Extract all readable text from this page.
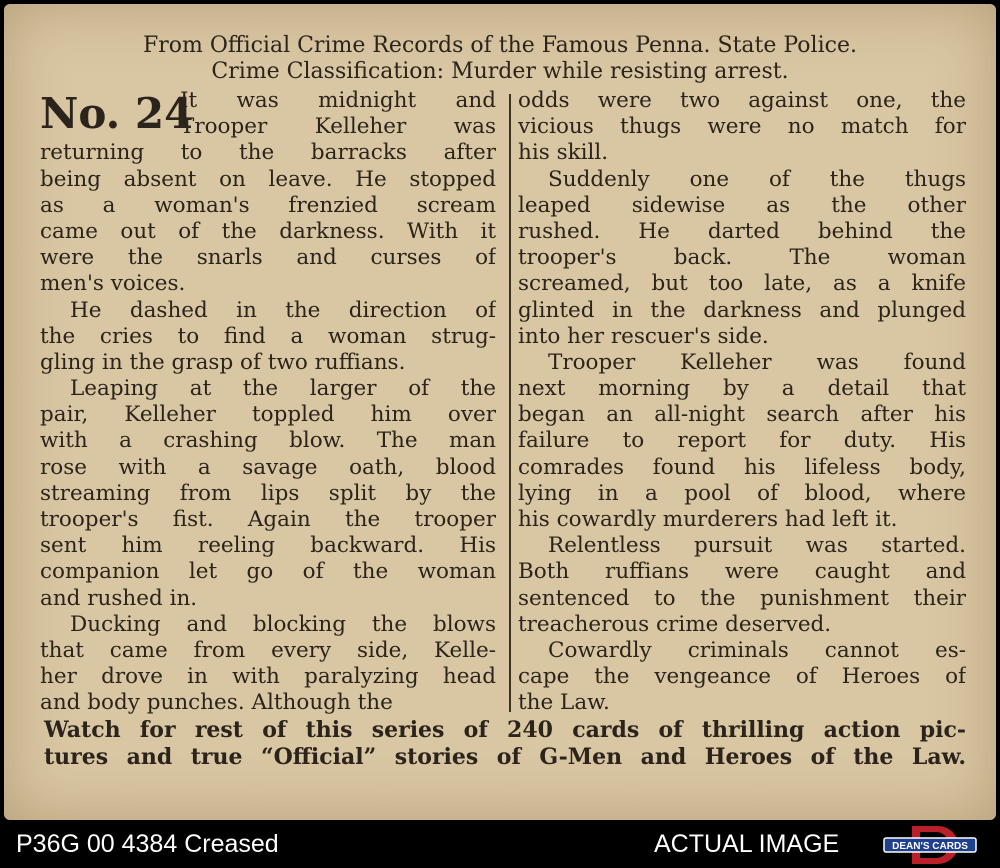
From Official Crime Records of the Famous Penna. State Police.
Crime Classification: Murder while resisting arrest.
It was midnight and
Trooper Kelleher was
returning to the barracks after
being absent on leave. He stopped
as a woman's frenzied scream
came out of the darkness. With it
were the snarls and curses of
men's voices.
He dashed in the direction of
the cries to find a woman strug-
gling in the grasp of two ruffians.
Leaping at the larger of the
pair, Kelleher toppled him over
with a crashing blow. The man
rose with a savage oath, blood
streaming from lips split by the
trooper's fist. Again the trooper
sent him reeling backward. His
companion let go of the woman
and rushed in.
Ducking and blocking the blows
that came from every side, Kelle-
her drove in with paralyzing head
and body punches. Although the
odds were two against one, the
vicious thugs were no match for
his skill.
Suddenly one of the thugs
leaped sidewise as the other
rushed. He darted behind the
trooper's back. The woman
screamed, but too late, as a knife
glinted in the darkness and plunged
into her rescuer's side.
Trooper Kelleher was found
next morning by a detail that
began an all-night search after his
failure to report for duty. His
comrades found his lifeless body,
lying in a pool of blood, where
his cowardly murderers had left it.
Relentless pursuit was started.
Both ruffians were caught and
sentenced to the punishment their
treacherous crime deserved.
Cowardly criminals cannot es-
cape the vengeance of Heroes of
the Law.
Watch for rest of this series of 240 cards of thrilling action pic-
tures and true “Official” stories of G-Men and Heroes of the Law.
No. 24
P36G 00 4384 Creased	ACTUAL IMAGE	DEAN'S CARDS
